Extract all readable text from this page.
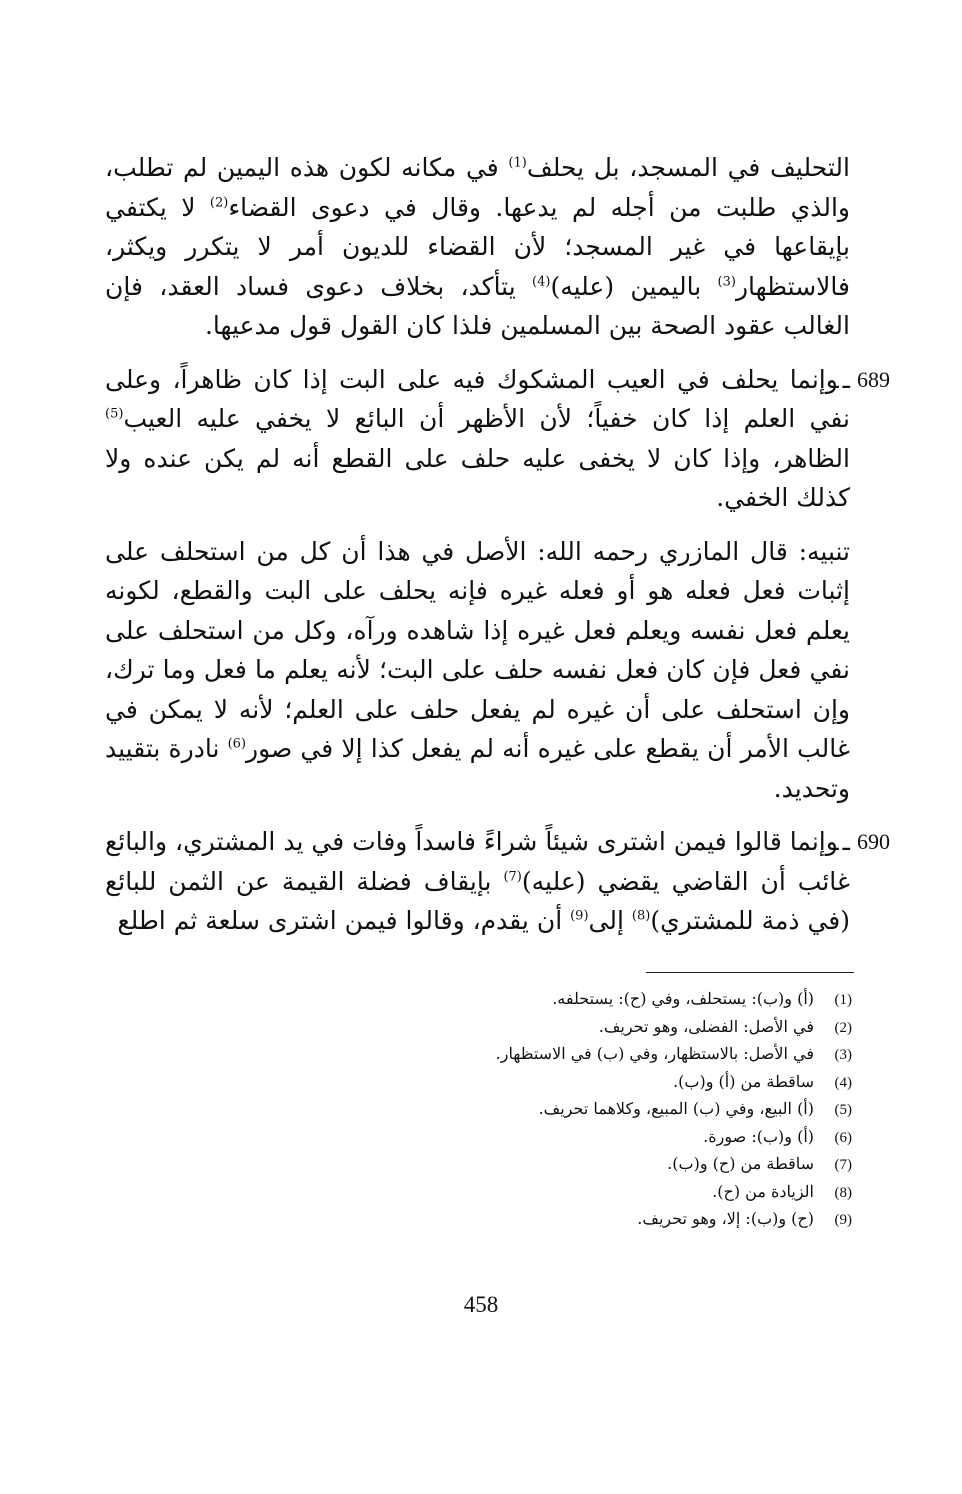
التحليف في المسجد، بل يحلف$^{(1)}$ في مكانه لكون هذه اليمين لم تطلب، والذي طلبت من أجله لم يدعها. وقال في دعوى القضاء$^{(2)}$ لا يكتفي بإيقاعها في غير المسجد؛ لأن القضاء للديون أمر لا يتكرر ويكثر، فالاستظهار$^{(3)}$ باليمين (عليه)$^{(4)}$ يتأكد، بخلاف دعوى فساد العقد، فإن الغالب عقود الصحة بين المسلمين فلذا كان القول قول مدعيها.

689
ـوإنما يحلف في العيب المشكوك فيه على البت إذا كان ظاهراً، وعلى نفي العلم إذا كان خفياً؛ لأن الأظهر أن البائع لا يخفي عليه العيب$^{(5)}$ الظاهر، وإذا كان لا يخفى عليه حلف على القطع أنه لم يكن عنده ولا كذلك الخفي.

تنبيه: قال المازري رحمه الله: الأصل في هذا أن كل من استحلف على إثبات فعل فعله هو أو فعله غيره فإنه يحلف على البت والقطع، لكونه يعلم فعل نفسه ويعلم فعل غيره إذا شاهده ورآه، وكل من استحلف على نفي فعل فإن كان فعل نفسه حلف على البت؛ لأنه يعلم ما فعل وما ترك، وإن استحلف على أن غيره لم يفعل حلف على العلم؛ لأنه لا يمكن في غالب الأمر أن يقطع على غيره أنه لم يفعل كذا إلا في صور$^{(6)}$ نادرة بتقييد وتحديد.

690
ـوإنما قالوا فيمن اشترى شيئاً شراءً فاسداً وفات في يد المشتري، والبائع غائب أن القاضي يقضي (عليه)$^{(7)}$ بإيقاف فضلة القيمة عن الثمن للبائع (في ذمة للمشتري)$^{(8)}$ إلى$^{(9)}$ أن يقدم، وقالوا فيمن اشترى سلعة ثم اطلع

(1)
(أ) و(ب): يستحلف، وفي (ح): يستحلفه.
(2)
في الأصل: الفضلى، وهو تحريف.
(3)
في الأصل: بالاستظهار، وفي (ب) في الاستظهار.
(4)
ساقطة من (أ) و(ب).
(5)
(أ) البيع، وفي (ب) المبيع، وكلاهما تحريف.
(6)
(أ) و(ب): صورة.
(7)
ساقطة من (ح) و(ب).
(8)
الزيادة من (ح).
(9)
(ح) و(ب): إلا، وهو تحريف.
458
